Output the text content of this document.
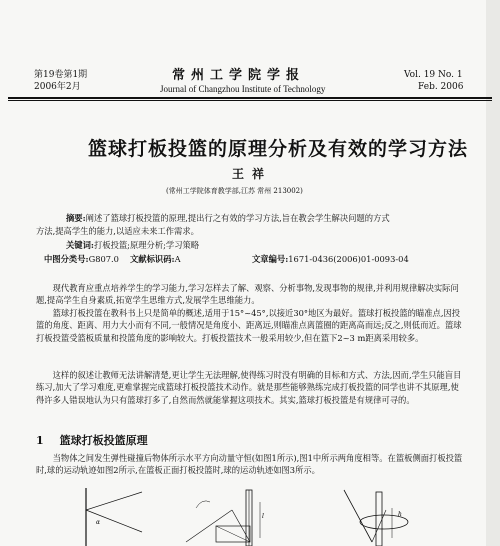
第19卷第1期
2006年2月
常州工学院学报
Journal of Changzhou Institute of Technology
Vol. 19 No. 1
Feb. 2006
篮球打板投篮的原理分析及有效的学习方法
王祥
(常州工学院体育教学部,江苏 常州 213002)
摘要:阐述了篮球打板投篮的原理,提出行之有效的学习方法,旨在教会学生解决问题的方式
方法,提高学生的能力,以适应未来工作需求。
关键词:打板投篮;原理分析;学习策略
中图分类号:G807.0 文献标识码:A	文章编号:1671-0436(2006)01-0093-04
现代教育应重点培养学生的学习能力,学习怎样去了解、观察、分析事物,发现事物的规律,并利用规律解决实际问题,提高学生自身素质,拓宽学生思维方式,发展学生思维能力。
篮球打板投篮在教科书上只是简单的概述,适用于15°~45°,以接近30°地区为最好。篮球打板投篮的瞄准点,因投篮的角度、距离、用力大小而有不同,一般情况是角度小、距离远,则瞄准点离篮圈的距离高而远;反之,则低而近。篮球打板投篮受篮板质量和投篮角度的影响较大。打板投篮技术一般采用较少,但在篮下2~3 m距离采用较多。
这样的叙述让教师无法讲解清楚,更让学生无法理解,使得练习时没有明确的目标和方式、方法,因而,学生只能盲目练习,加大了学习难度,更难掌握完成篮球打板投篮技术动作。就是那些能够熟练完成打板投篮的同学也讲不其原理,使得许多人错误地认为只有篮球打多了,自然而然就能掌握这项技术。其实,篮球打板投篮是有规律可寻的。
1 篮球打板投篮原理
当物体之间发生弹性碰撞后物体所示水平方向动量守恒(如图1所示),图1中所示两角度相等。在篮板侧面打板投篮时,球的运动轨迹如图2所示,在篮板正面打板投篮时,球的运动轨迹如图3所示。
α
l	h
